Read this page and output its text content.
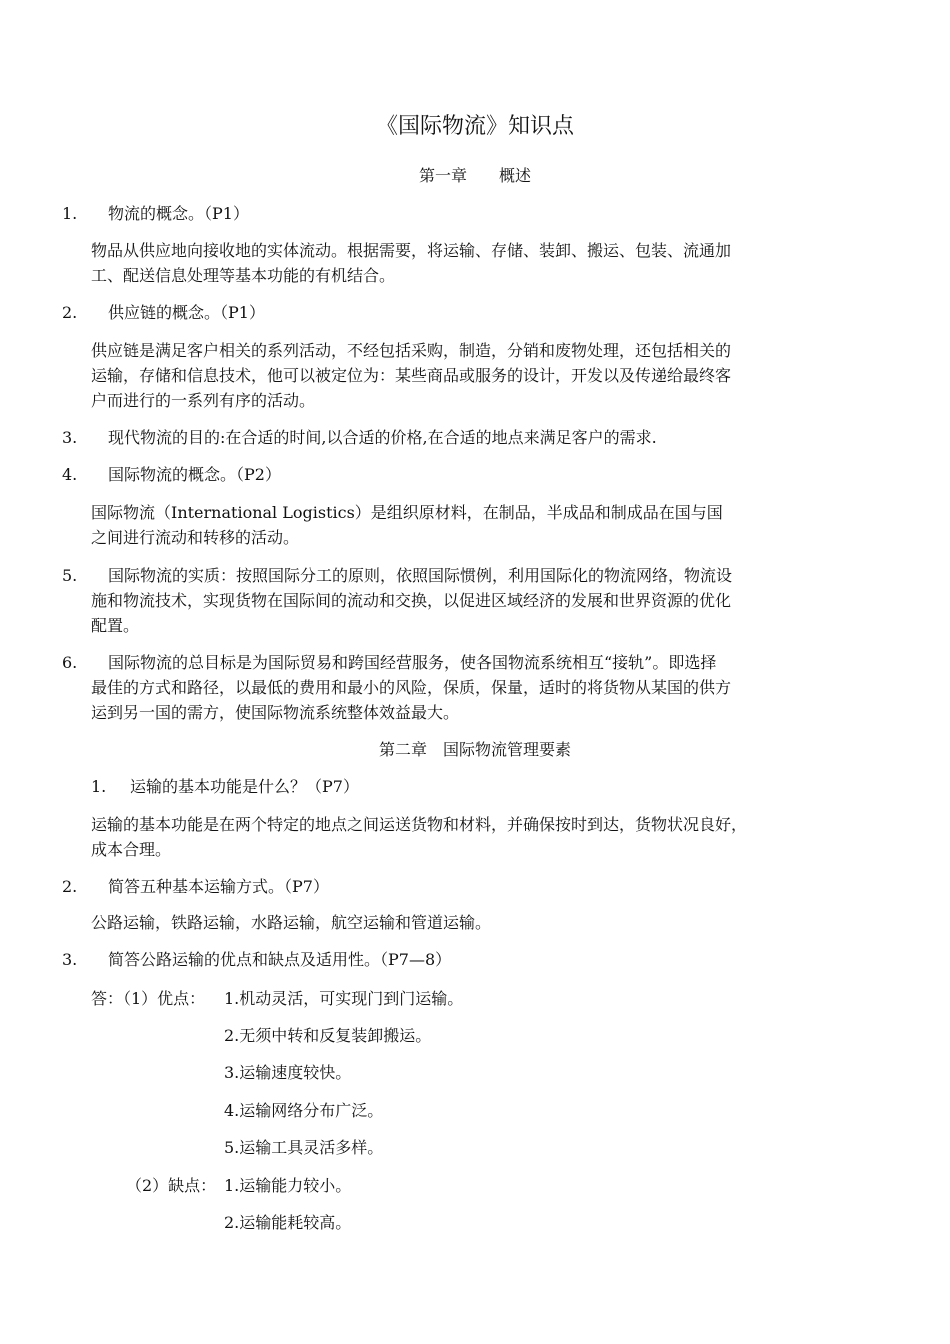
《国际物流》知识点
第一章　　概述
1. 物流的概念。（P1）
物品从供应地向接收地的实体流动。根据需要，将运输、存储、装卸、搬运、包装、流通加
工、配送信息处理等基本功能的有机结合。
2. 供应链的概念。（P1）
供应链是满足客户相关的系列活动，不经包括采购，制造，分销和废物处理，还包括相关的
运输，存储和信息技术，他可以被定位为：某些商品或服务的设计，开发以及传递给最终客
户而进行的一系列有序的活动。
3. 现代物流的目的:在合适的时间,以合适的价格,在合适的地点来满足客户的需求.
4. 国际物流的概念。（P2）
国际物流（International Logistics）是组织原材料，在制品，半成品和制成品在国与国
之间进行流动和转移的活动。
5. 国际物流的实质：按照国际分工的原则，依照国际惯例，利用国际化的物流网络，物流设
施和物流技术，实现货物在国际间的流动和交换，以促进区域经济的发展和世界资源的优化
配置。
6. 国际物流的总目标是为国际贸易和跨国经营服务，使各国物流系统相互“接轨”。即选择
最佳的方式和路径，以最低的费用和最小的风险，保质，保量，适时的将货物从某国的供方
运到另一国的需方，使国际物流系统整体效益最大。
第二章　国际物流管理要素
1. 运输的基本功能是什么？（P7）
运输的基本功能是在两个特定的地点之间运送货物和材料，并确保按时到达，货物状况良好，
成本合理。
2. 简答五种基本运输方式。（P7）
公路运输，铁路运输，水路运输，航空运输和管道运输。
3. 简答公路运输的优点和缺点及适用性。（P7—8）
答：（1）优点： 1.机动灵活，可实现门到门运输。
2.无须中转和反复装卸搬运。
3.运输速度较快。
4.运输网络分布广泛。
5.运输工具灵活多样。
（2）缺点： 1.运输能力较小。
2.运输能耗较高。
